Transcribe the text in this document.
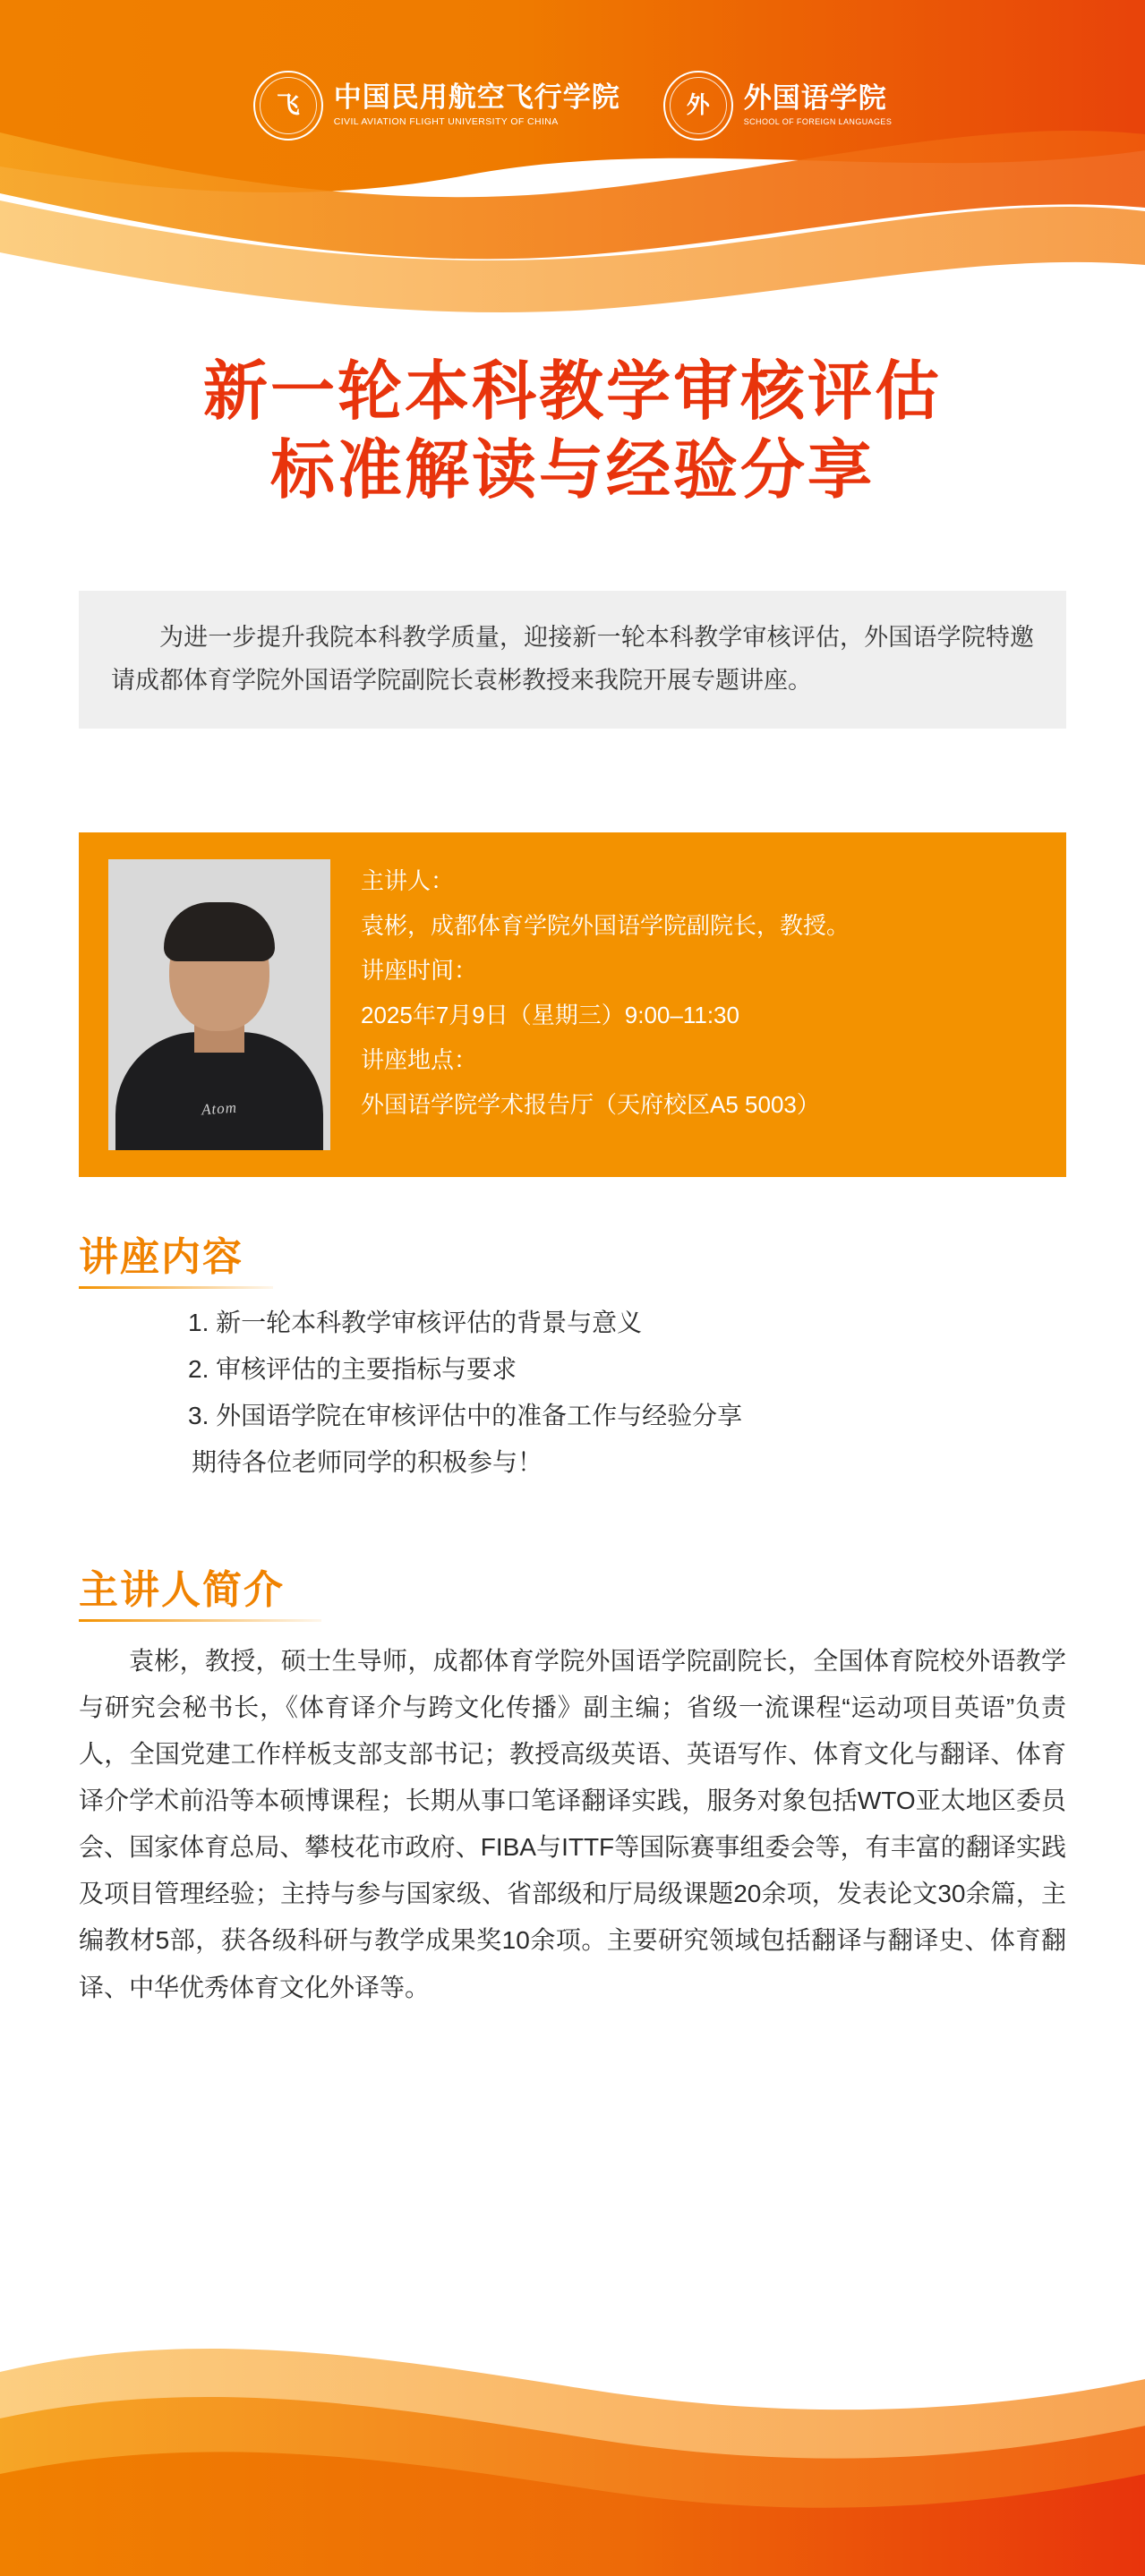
飞 中国民用航空飞行学院
CIVIL AVIATION FLIGHT UNIVERSITY OF CHINA
外 外国语学院
SCHOOL OF FOREIGN LANGUAGES
新一轮本科教学审核评估
标准解读与经验分享
为进一步提升我院本科教学质量，迎接新一轮本科教学审核评估，外国语学院特邀请成都体育学院外国语学院副院长袁彬教授来我院开展专题讲座。
Atom
主讲人：
袁彬，成都体育学院外国语学院副院长，教授。
讲座时间：
2025年7月9日（星期三）9:00–11:30
讲座地点：
外国语学院学术报告厅（天府校区A5 5003）
讲座内容
1. 新一轮本科教学审核评估的背景与意义
2. 审核评估的主要指标与要求
3. 外国语学院在审核评估中的准备工作与经验分享
期待各位老师同学的积极参与！
主讲人简介
袁彬，教授，硕士生导师，成都体育学院外国语学院副院长，全国体育院校外语教学与研究会秘书长，《体育译介与跨文化传播》副主编；省级一流课程“运动项目英语”负责人，全国党建工作样板支部支部书记；教授高级英语、英语写作、体育文化与翻译、体育译介学术前沿等本硕博课程；长期从事口笔译翻译实践，服务对象包括WTO亚太地区委员会、国家体育总局、攀枝花市政府、FIBA与ITTF等国际赛事组委会等，有丰富的翻译实践及项目管理经验；主持与参与国家级、省部级和厅局级课题20余项，发表论文30余篇，主编教材5部，获各级科研与教学成果奖10余项。主要研究领域包括翻译与翻译史、体育翻译、中华优秀体育文化外译等。
